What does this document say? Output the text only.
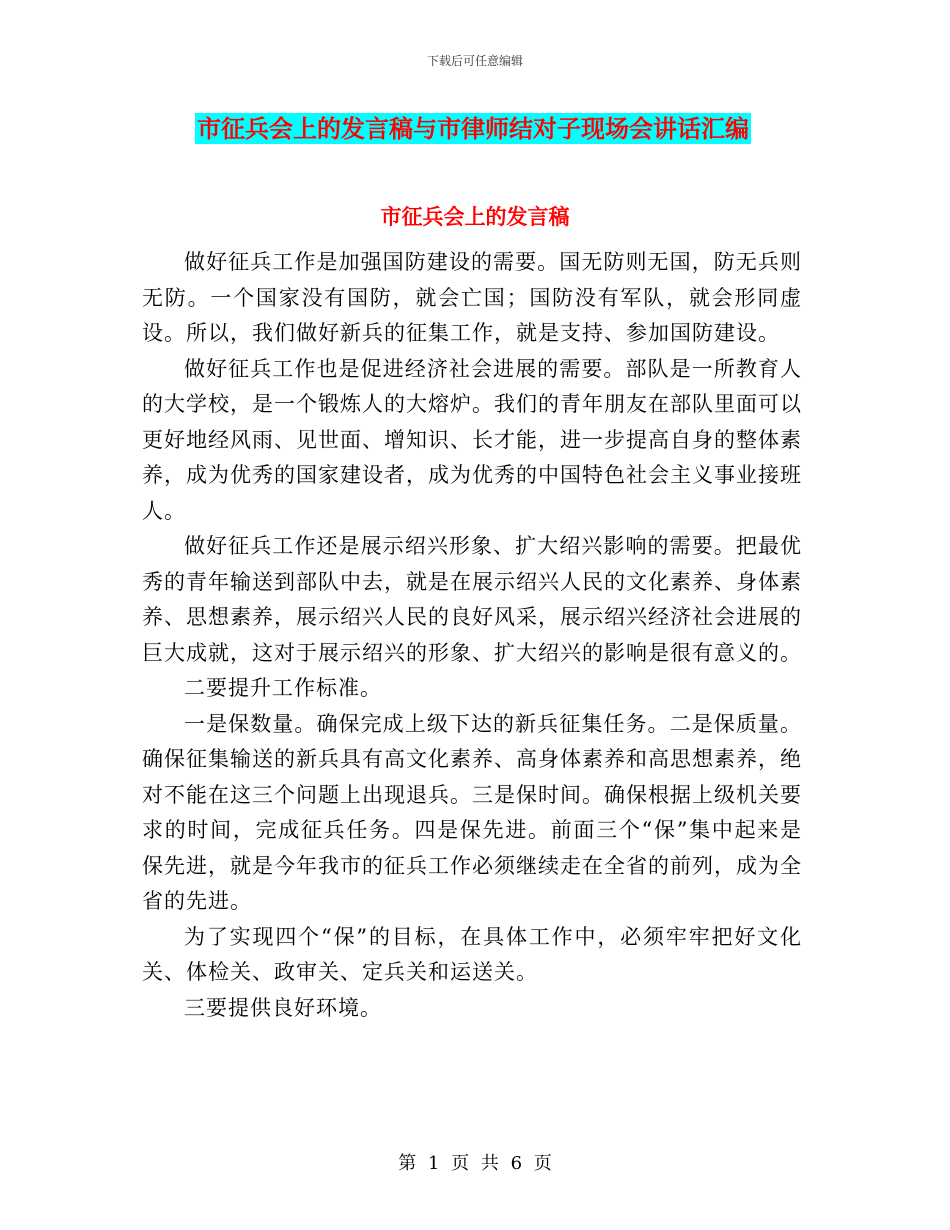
下载后可任意编辑
市征兵会上的发言稿与市律师结对子现场会讲话汇编
市征兵会上的发言稿

做好征兵工作是加强国防建设的需要。国无防则无国，防无兵则无防。一个国家没有国防，就会亡国；国防没有军队，就会形同虚设。所以，我们做好新兵的征集工作，就是支持、参加国防建设。

做好征兵工作也是促进经济社会进展的需要。部队是一所教育人的大学校，是一个锻炼人的大熔炉。我们的青年朋友在部队里面可以更好地经风雨、见世面、增知识、长才能，进一步提高自身的整体素养，成为优秀的国家建设者，成为优秀的中国特色社会主义事业接班人。

做好征兵工作还是展示绍兴形象、扩大绍兴影响的需要。把最优秀的青年输送到部队中去，就是在展示绍兴人民的文化素养、身体素养、思想素养，展示绍兴人民的良好风采，展示绍兴经济社会进展的巨大成就，这对于展示绍兴的形象、扩大绍兴的影响是很有意义的。

二要提升工作标准。

一是保数量。确保完成上级下达的新兵征集任务。二是保质量。确保征集输送的新兵具有高文化素养、高身体素养和高思想素养，绝对不能在这三个问题上出现退兵。三是保时间。确保根据上级机关要求的时间，完成征兵任务。四是保先进。前面三个“保”集中起来是保先进，就是今年我市的征兵工作必须继续走在全省的前列，成为全省的先进。

为了实现四个“保”的目标，在具体工作中，必须牢牢把好文化关、体检关、政审关、定兵关和运送关。

三要提供良好环境。

第 1 页 共 6 页
